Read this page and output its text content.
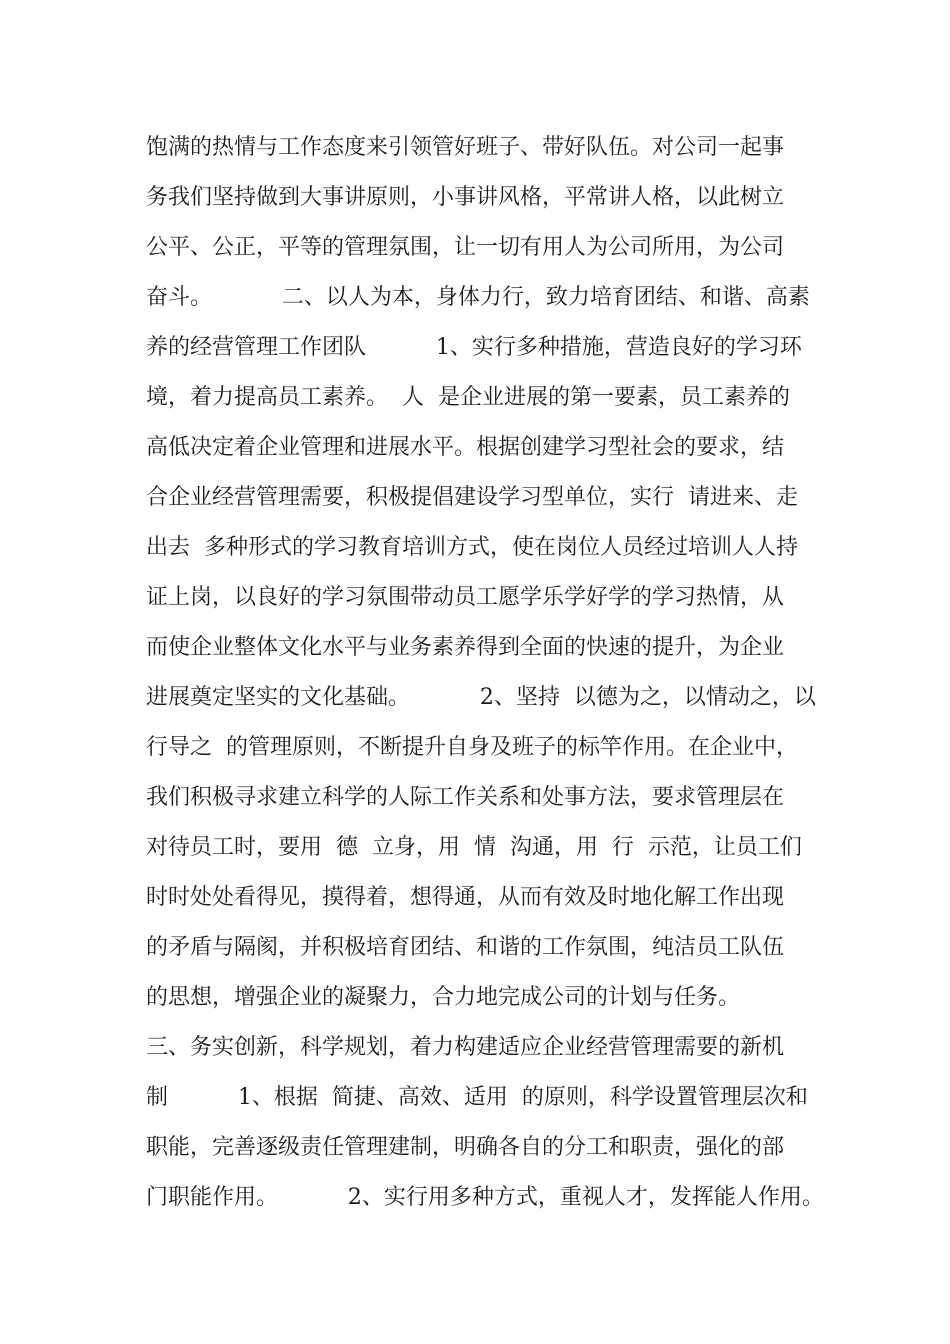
饱满的热情与工作态度来引领管好班子、带好队伍。对公司一起事
务我们坚持做到大事讲原则，小事讲风格，平常讲人格，以此树立
公平、公正，平等的管理氛围，让一切有用人为公司所用，为公司
奋斗。          二、以人为本，身体力行，致力培育团结、和谐、高素
养的经营管理工作团队          1、实行多种措施，营造良好的学习环
境，着力提高员工素养。  人  是企业进展的第一要素，员工素养的
高低决定着企业管理和进展水平。根据创建学习型社会的要求，结
合企业经营管理需要，积极提倡建设学习型单位，实行  请进来、走
出去  多种形式的学习教育培训方式，使在岗位人员经过培训人人持
证上岗，以良好的学习氛围带动员工愿学乐学好学的学习热情，从
而使企业整体文化水平与业务素养得到全面的快速的提升，为企业
进展奠定坚实的文化基础。          2、坚持  以德为之，以情动之，以
行导之  的管理原则，不断提升自身及班子的标竿作用。在企业中，
我们积极寻求建立科学的人际工作关系和处事方法，要求管理层在
对待员工时，要用  德  立身，用  情  沟通，用  行  示范，让员工们
时时处处看得见，摸得着，想得通，从而有效及时地化解工作出现
的矛盾与隔阂，并积极培育团结、和谐的工作氛围，纯洁员工队伍
的思想，增强企业的凝聚力，合力地完成公司的计划与任务。
三、务实创新，科学规划，着力构建适应企业经营管理需要的新机
制          1、根据  简捷、高效、适用  的原则，科学设置管理层次和
职能，完善逐级责任管理建制，明确各自的分工和职责，强化的部
门职能作用。          2、实行用多种方式，重视人才，发挥能人作用。
